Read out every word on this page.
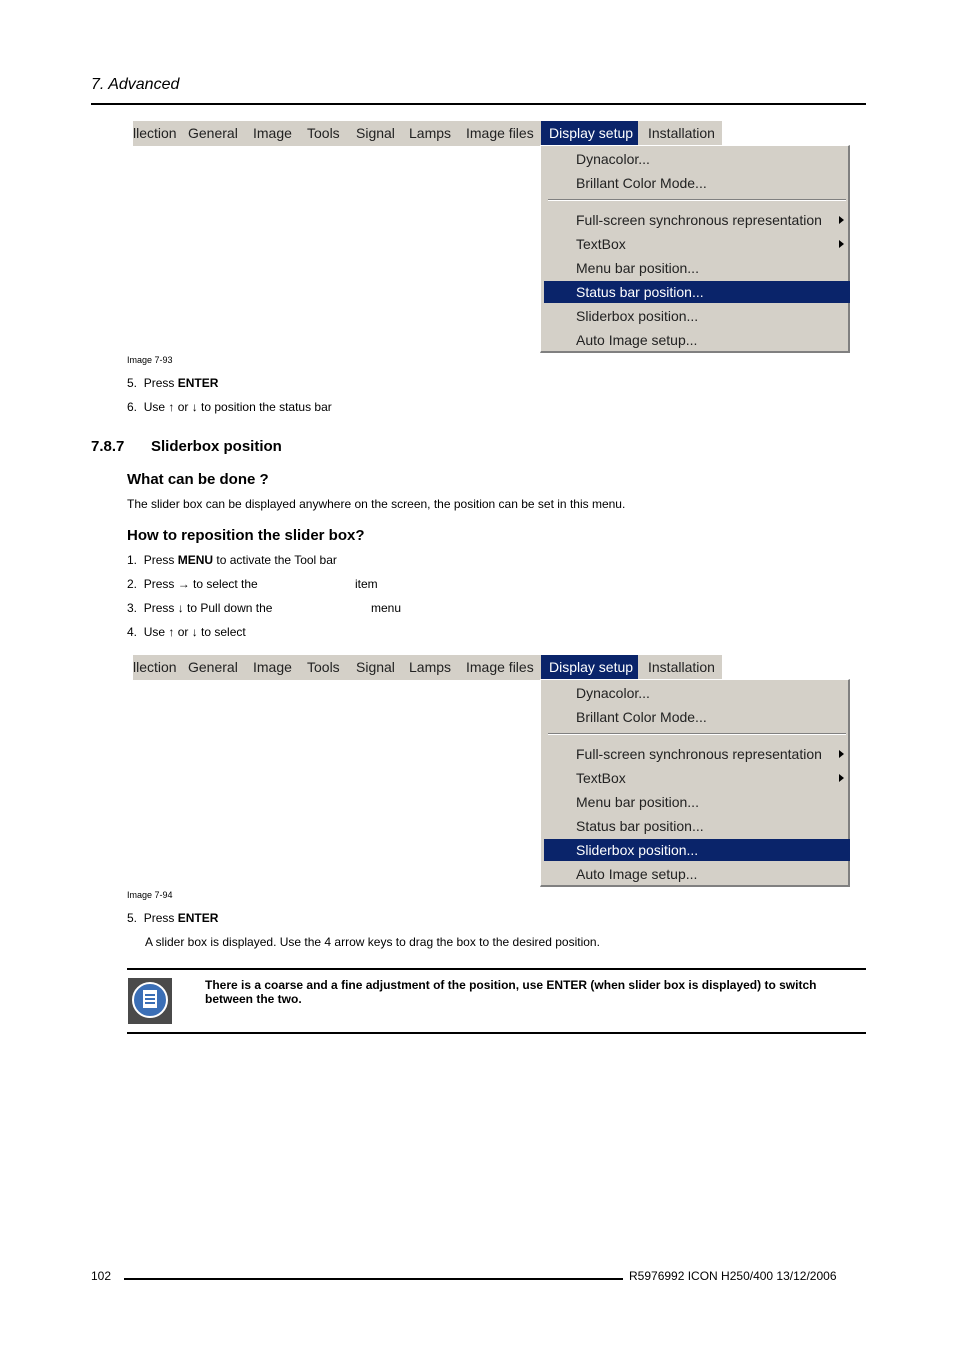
7. Advanced
llection General Image Tools Signal Lamps Image files	Display setup	Installation
Dynacolor...
Brillant Color Mode...
Full-screen synchronous representation
TextBox
Menu bar position...
Status bar position...
Sliderbox position...
Auto Image setup...
Image 7-93
5. Press ENTER
6. Use ↑ or ↓ to position the status bar
7.8.7 Sliderbox position
What can be done ?
The slider box can be displayed anywhere on the screen, the position can be set in this menu.
How to reposition the slider box?
1. Press MENU to activate the Tool bar
2. Press → to select the	item
3. Press ↓ to Pull down the	menu
4. Use ↑ or ↓ to select
llection General Image Tools Signal Lamps Image files	Display setup	Installation
Dynacolor...
Brillant Color Mode...
Full-screen synchronous representation
TextBox
Menu bar position...
Status bar position...
Sliderbox position...
Auto Image setup...
Image 7-94
5. Press ENTER
A slider box is displayed. Use the 4 arrow keys to drag the box to the desired position.
There is a coarse and a fine adjustment of the position, use ENTER (when slider box is displayed) to switch between the two.
102	R5976992 ICON H250/400 13/12/2006
